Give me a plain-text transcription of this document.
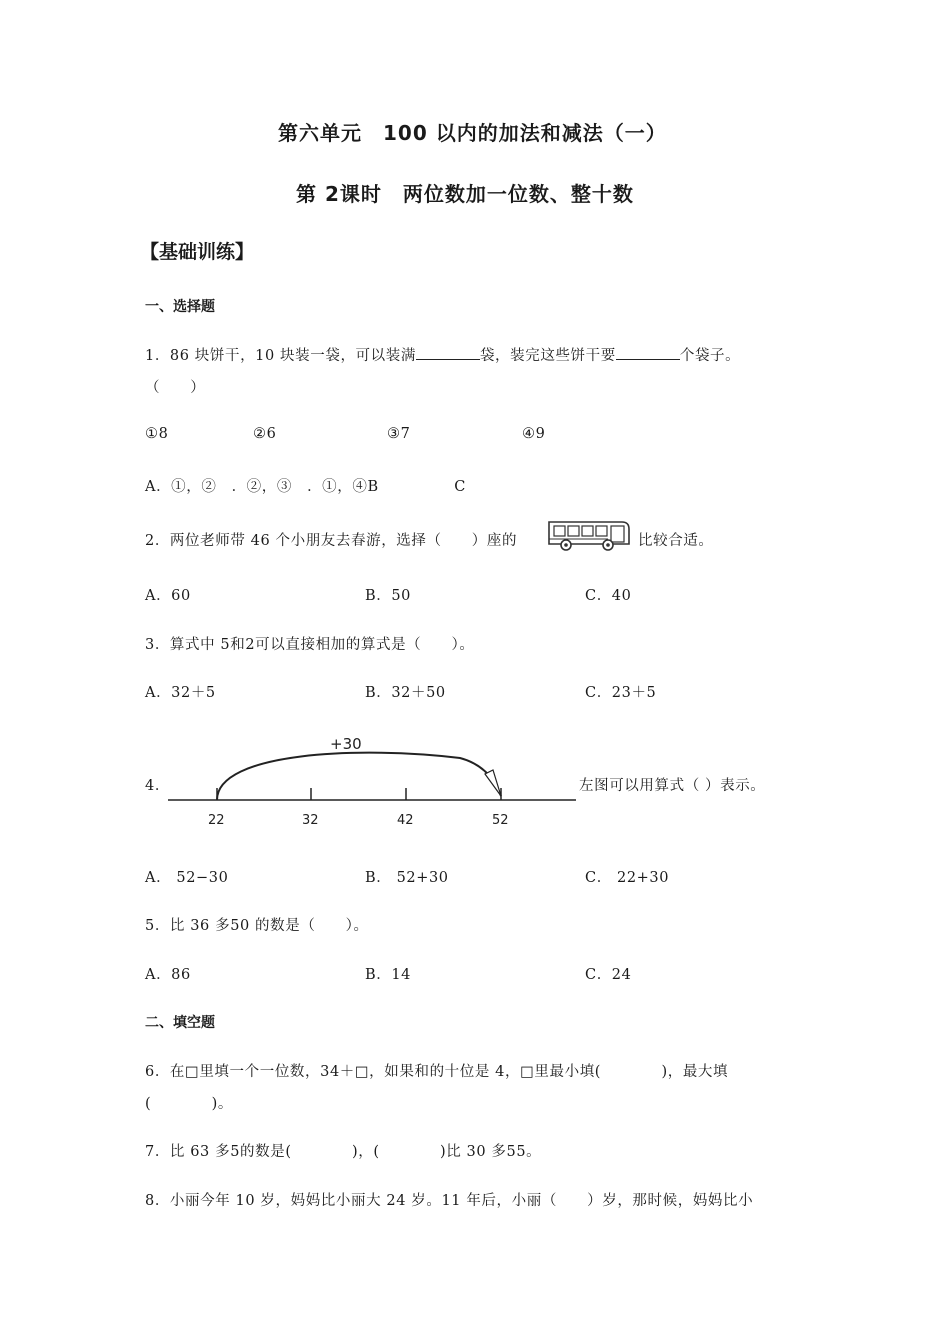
第六单元　100 以内的加法和减法（一）
第 2课时　两位数加一位数、整十数
【基础训练】
一、选择题
1．86 块饼干，10 块装一袋，可以装满	袋，装完这些饼干要	个袋子。
（　　）
①8	②6	③7	④9
A．①，②　．②，③　．①，④B　　　　　C
2．两位老师带 46 个小朋友去春游，选择（　　）座的	比较合适。
A．60	B．50	C．40
3．算式中 5和2可以直接相加的算式是（　　）。
A．32＋5	B．32＋50	C．23＋5
4．
+30
22	32	42	52
左图可以用算式（ ）表示。
A． 52−30	B． 52+30	C． 22+30
5．比 36 多50 的数是（　　）。
A．86	B．14	C．24
二、填空题
6．在□里填一个一位数，34＋□，如果和的十位是 4，□里最小填(　　　　)，最大填
(　　　　)。
7．比 63 多5的数是(　　　　)，(　　　　)比 30 多55。
8．小丽今年 10 岁，妈妈比小丽大 24 岁。11 年后，小丽（　　）岁，那时候，妈妈比小
